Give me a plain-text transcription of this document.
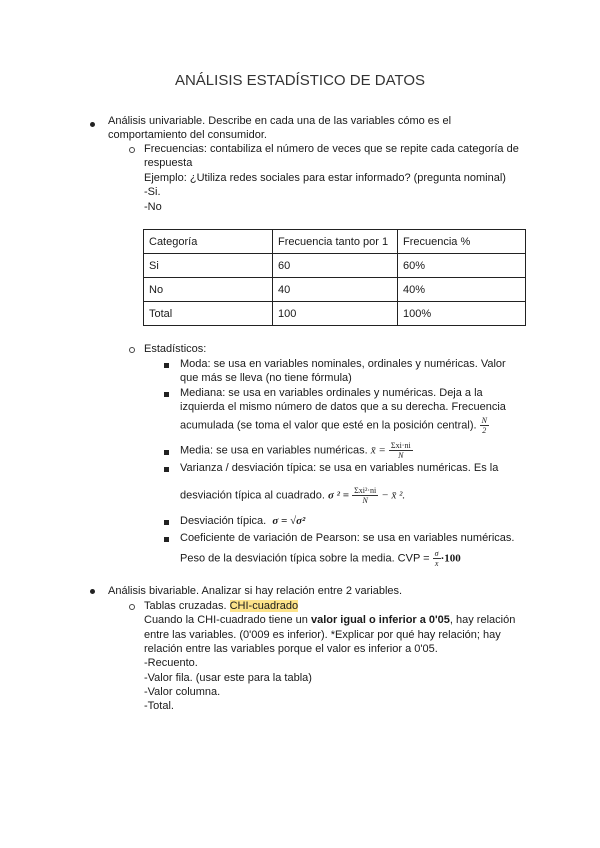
ANÁLISIS ESTADÍSTICO DE DATOS
Análisis univariable. Describe en cada una de las variables cómo es el
comportamiento del consumidor.
Frecuencias: contabiliza el número de veces que se repite cada categoría de
respuesta
Ejemplo: ¿Utiliza redes sociales para estar informado? (pregunta nominal)
-Si.
-No
Categoría	Frecuencia tanto por 1	Frecuencia %
Si	60	60%
No	40	40%
Total	100	100%
Estadísticos:
Moda: se usa en variables nominales, ordinales y numéricas. Valor
que más se lleva (no tiene fórmula)
Mediana: se usa en variables ordinales y numéricas. Deja a la
izquierda el mismo número de datos que a su derecha. Frecuencia
acumulada (se toma el valor que esté en la posición central). $\frac{N}{2}$
Media: se usa en variables numéricas. x̄ = $\frac{\text{Σxi·ni}}{N}$
Varianza / desviación típica: se usa en variables numéricas. Es la
desviación típica al cuadrado. σ $^2 = \frac{\text{Σxi²·ni}}{N}$ − x̄ ².
Desviación típica. σ = √σ²
Coeficiente de variación de Pearson: se usa en variables numéricas.
Peso de la desviación típica sobre la media. CVP = $\frac{\sigma}{x} \cdot 100$
Análisis bivariable. Analizar si hay relación entre 2 variables.
Tablas cruzadas. CHI-cuadrado
Cuando la CHI-cuadrado tiene un valor igual o inferior a 0'05, hay relación
entre las variables. (0'009 es inferior). *Explicar por qué hay relación; hay
relación entre las variables porque el valor es inferior a 0'05.
-Recuento.
-Valor fila. (usar este para la tabla)
-Valor columna.
-Total.
